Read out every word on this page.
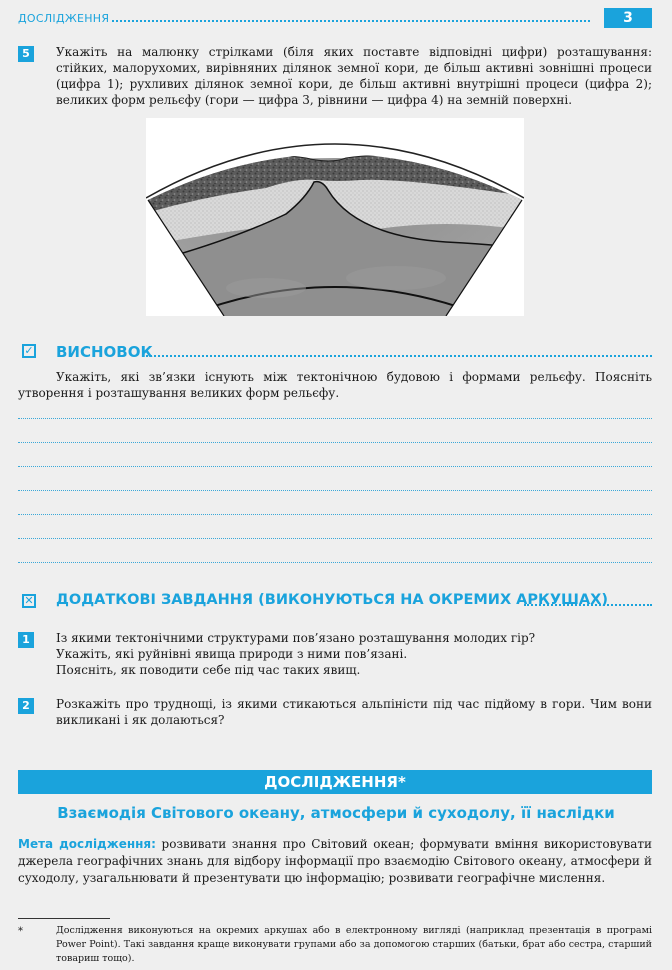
ДОСЛІДЖЕННЯ	3
5	Укажіть на малюнку стрілками (біля яких поставте відповідні цифри) розташування: стійких, малорухомих, вирівняних ділянок земної кори, де більш активні зовнішні процеси (цифра 1); рухливих ділянок земної кори, де більш активні внутрішні процеси (цифра 2); великих форм рельєфу (гори — цифра 3, рівнини — цифра 4) на земній поверхні.
✓ ВИСНОВОК
Укажіть, які зв’язки існують між тектонічною будовою і формами рельєфу. Поясніть утворення і розташування великих форм рельєфу.
✕ ДОДАТКОВІ ЗАВДАННЯ (ВИКОНУЮТЬСЯ НА ОКРЕМИХ АРКУШАХ)
1	Із якими тектонічними структурами пов’язано розташування молодих гір?
Укажіть, які руйнівні явища природи з ними пов’язані.
Поясніть, як поводити себе під час таких явищ.
2	Розкажіть про труднощі, із якими стикаються альпіністи під час підйому в гори. Чим вони викликані і як долаються?
ДОСЛІДЖЕННЯ*
Взаємодія Світового океану, атмосфери й суходолу, її наслідки
Мета дослідження: розвивати знання про Світовий океан; формувати вміння використовувати джерела географічних знань для відбору інформації про взаємодію Світового океану, атмосфери й суходолу, узагальнювати й презентувати цю інформацію; розвивати географічне мислення.
*	Дослідження виконуються на окремих аркушах або в електронному вигляді (наприклад презентація в програмі Power Point). Такі завдання краще виконувати групами або за допомогою старших (батьки, брат або сестра, старший товариш тощо).
